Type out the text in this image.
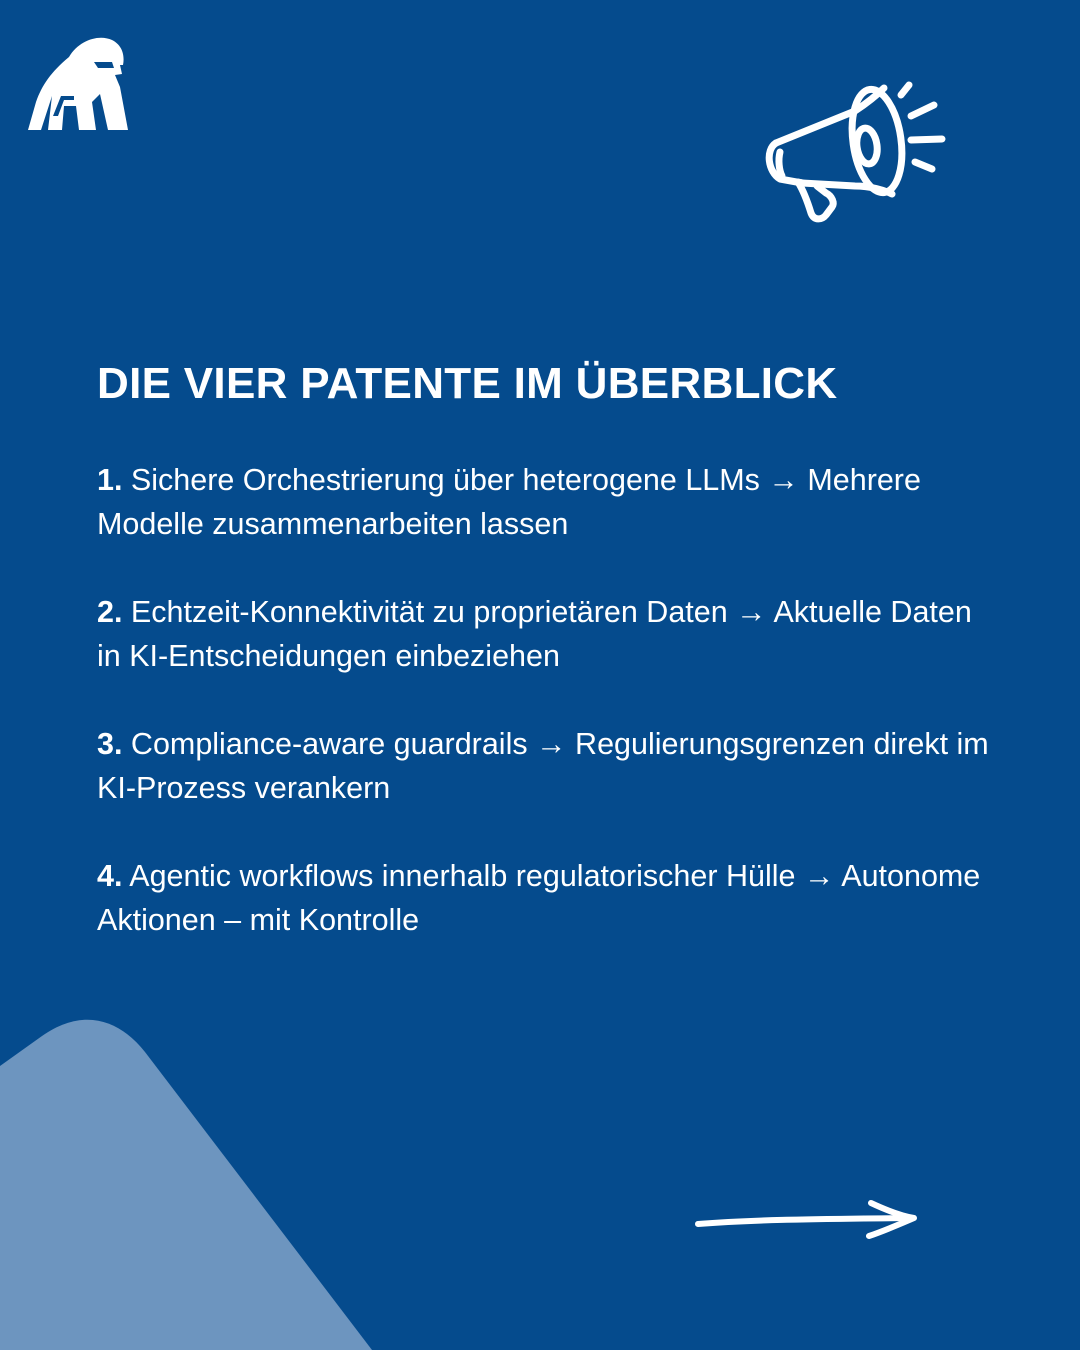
DIE VIER PATENTE IM ÜBERBLICK

1. Sichere Orchestrierung über heterogene LLMs → Mehrere Modelle zusammenarbeiten lassen

2. Echtzeit-Konnektivität zu proprietären Daten → Aktuelle Daten in KI-Entscheidungen einbeziehen

3. Compliance-aware guardrails → Regulierungsgrenzen direkt im KI-Prozess verankern

4. Agentic workflows innerhalb regulatorischer Hülle → Autonome Aktionen – mit Kontrolle
